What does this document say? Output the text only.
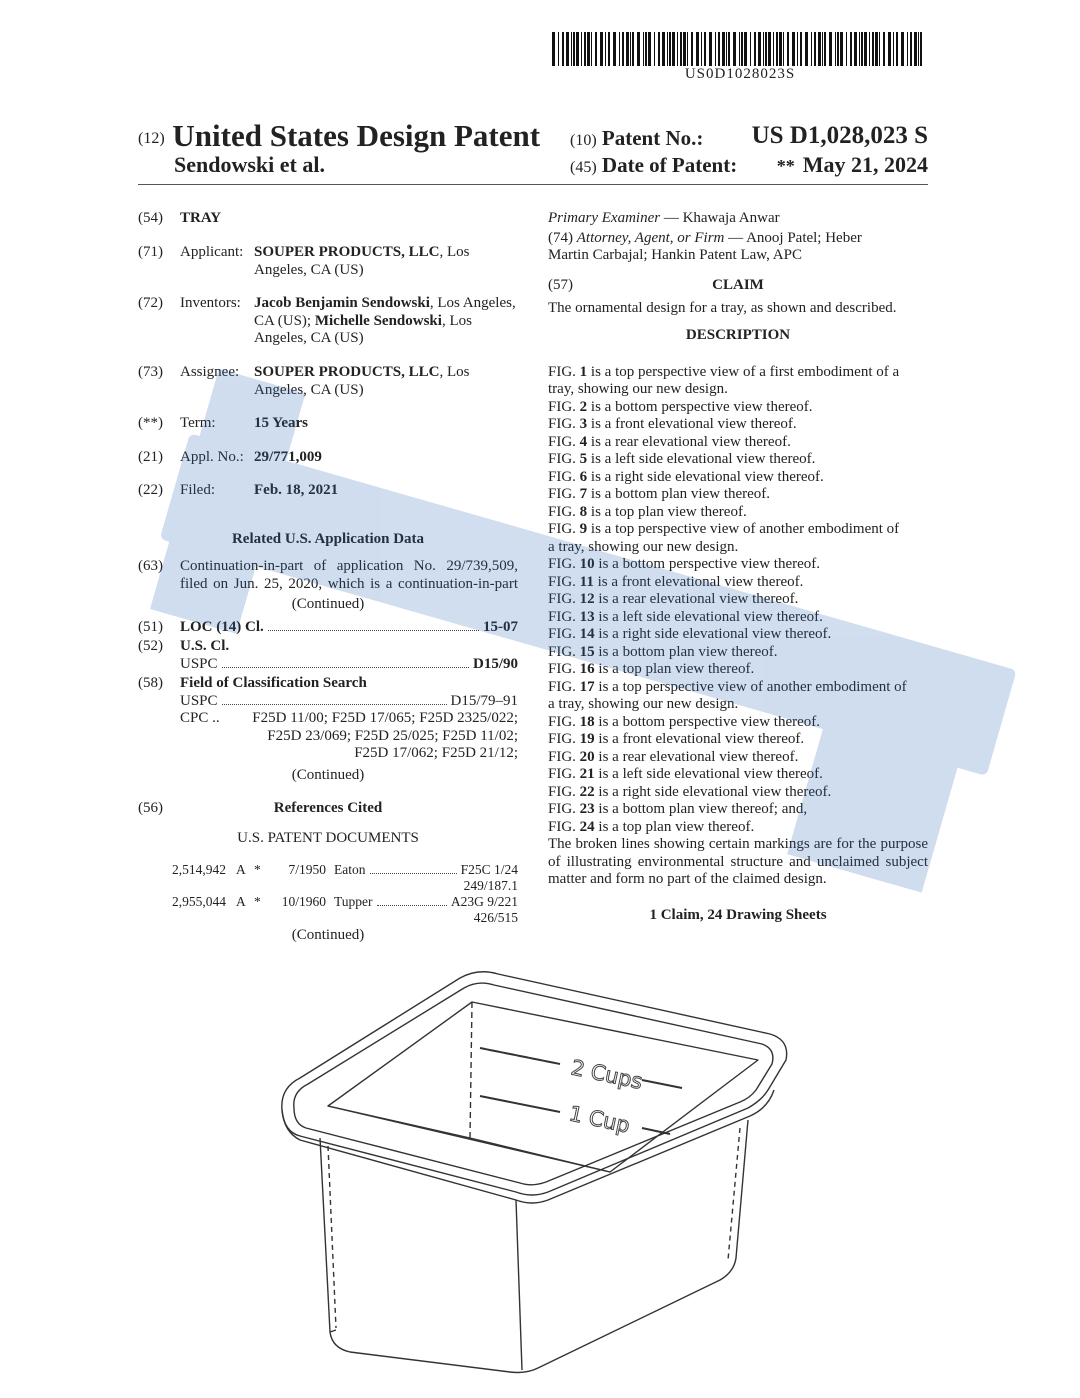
US0D1028023S
(12) United States Design Patent
Sendowski et al.
(10) Patent No.: US D1,028,023 S
(45) Date of Patent: ** May 21, 2024
(54)	TRAY
(71)	Applicant: SOUPER PRODUCTS, LLC, Los Angeles, CA (US)
(72)	Inventors: Jacob Benjamin Sendowski, Los Angeles, CA (US); Michelle Sendowski, Los Angeles, CA (US)
(73)	Assignee: SOUPER PRODUCTS, LLC, Los Angeles, CA (US)
(**)	Term:	15 Years
(21)	Appl. No.: 29/771,009
(22)	Filed:	Feb. 18, 2021
Related U.S. Application Data
(63)	Continuation-in-part of application No. 29/739,509,
filed on Jun. 25, 2020, which is a continuation-in-part
(Continued)
(51)	LOC (14) Cl.	15-07
(52)	U.S. Cl.
USPC	D15/90
(58)	Field of Classification Search
USPC	D15/79–91
CPC .. F25D 11/00; F25D 17/065; F25D 2325/022;
F25D 23/069; F25D 25/025; F25D 11/02;
F25D 17/062; F25D 21/12;
(Continued)
(56)	References Cited
U.S. PATENT DOCUMENTS
2,514,942 A *	7/1950 Eaton	F25C 1/24
249/187.1
2,955,044 A *	10/1960 Tupper	A23G 9/221
426/515
(Continued)
Primary Examiner — Khawaja Anwar
(74) Attorney, Agent, or Firm — Anooj Patel; Heber
Martin Carbajal; Hankin Patent Law, APC
(57)	CLAIM
The ornamental design for a tray, as shown and described.
DESCRIPTION
FIG. 1 is a top perspective view of a first embodiment of a
tray, showing our new design.
FIG. 2 is a bottom perspective view thereof.
FIG. 3 is a front elevational view thereof.
FIG. 4 is a rear elevational view thereof.
FIG. 5 is a left side elevational view thereof.
FIG. 6 is a right side elevational view thereof.
FIG. 7 is a bottom plan view thereof.
FIG. 8 is a top plan view thereof.
FIG. 9 is a top perspective view of another embodiment of
a tray, showing our new design.
FIG. 10 is a bottom perspective view thereof.
FIG. 11 is a front elevational view thereof.
FIG. 12 is a rear elevational view thereof.
FIG. 13 is a left side elevational view thereof.
FIG. 14 is a right side elevational view thereof.
FIG. 15 is a bottom plan view thereof.
FIG. 16 is a top plan view thereof.
FIG. 17 is a top perspective view of another embodiment of
a tray, showing our new design.
FIG. 18 is a bottom perspective view thereof.
FIG. 19 is a front elevational view thereof.
FIG. 20 is a rear elevational view thereof.
FIG. 21 is a left side elevational view thereof.
FIG. 22 is a right side elevational view thereof.
FIG. 23 is a bottom plan view thereof; and,
FIG. 24 is a top plan view thereof.
The broken lines showing certain markings are for the purpose of illustrating environmental structure and unclaimed subject matter and form no part of the claimed design.
1 Claim, 24 Drawing Sheets
2 Cups
1 Cup
